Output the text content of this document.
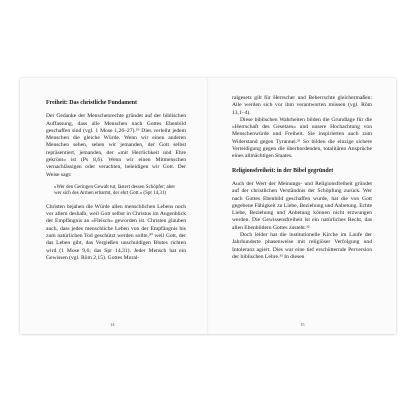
Freiheit: Das christliche Fundament

Der Gedanke der Menschenrechte gründet auf der biblischen Auffassung, dass alle Menschen nach Gottes Ebenbild geschaffen sind (vgl. 1 Mose 1,26–27).²⁹ Dies verleiht jedem Menschen die gleiche Würde. Wenn wir einen anderen Menschen sehen, sehen wir jemanden, der Gott selbst repräsentiert, jemanden, der »mit Herrlichkeit und Ehre gekrönt« ist (Ps 8,6). Wenn wir einen Mitmenschen vernachlässigen oder verachten, beleidigen wir Gott. Der Weise sagt:

»Wer den Geringen Gewalt tut, lästert dessen Schöpfer; aber wer sich des Armen erbarmt, der ehrt Gott.« (Spr 14,31)

Christen bejahen die Würde allen menschlichen Lebens noch vor allem deshalb, weil Gott selbst in Christus im Augenblick der Empfängnis an »Fleisch« geworden ist. Christen glauben auch, dass jedes menschliche Leben von der Empfängnis bis zum natürlichen Tod geschützt werden sollte,³⁰ weil Gott, der das Leben gibt, das Vergießen unschuldigen Blutes richten wird (1 Mose 9,6; das Spr 14,31). Jeder Mensch hat ein Gewissen (vgl. Röm 2,15). Gottes Moral-

14

ralgesetz gilt für Herrscher und Beherrschte gleichermaßen: Alle werden sich vor ihm verantworten müssen (vgl. Röm 13,1–4).

Diese biblischen Wahrheiten bilden die Grundlage für die »Herrschaft des Gesetzes« und unsere Hochachtung von Menschenwürde und Freiheit. Sie inspirierten auch zum Widerstand gegen Tyrannei.³¹ So bilden die einzige sichere Verteidigung gegen die überbordenden, totalitären Ansprüche eines allmächtigen Staates.

Religionsfreiheit: in der Bibel gegründet

Auch der Wert der Meinungs- und Religionsfreiheit gründet auf der christlichen Verständnis der Schöpfung zurück. Wer nach Gottes Ebenbild geschaffen wurde, hat die von Gott gegebene Fähigkeit zu Liebe, Beziehung und Anbetung. Echte Liebe, Beziehung und Anbetung können nicht erzwungen werden. Die Gewissensfreiheit ist ein natürliches Recht, das allen Ebenbildern Gottes zusteht.³²

Doch leider hat die institutionelle Kirche im Laufe der Jahrhunderte phasenweise mit religiöser Verfolgung und Intoleranz agiert. Dies war eine tief erschütternde Perversion der biblischen Lehre.³³ In diesen

15
